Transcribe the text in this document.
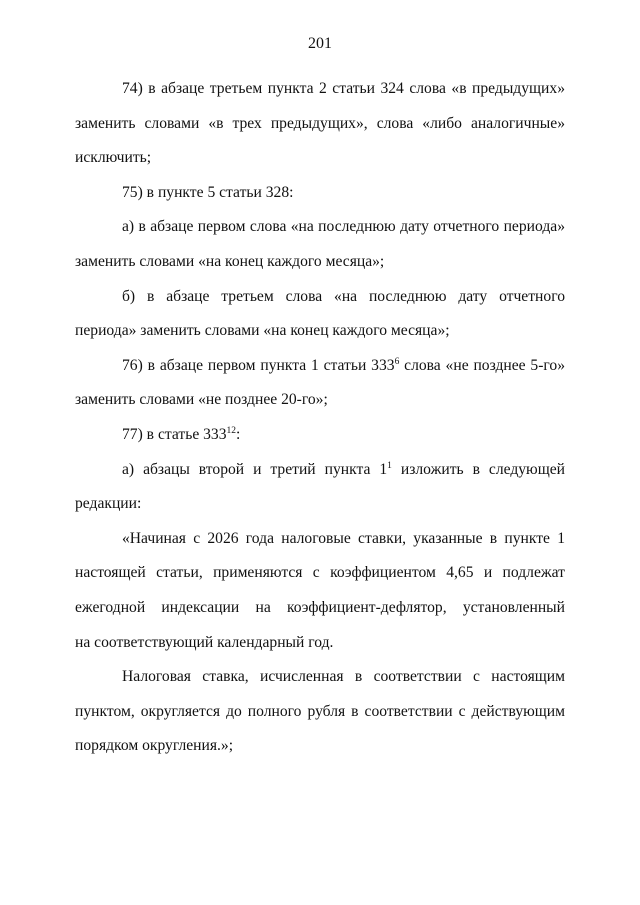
201

74) в абзаце третьем пункта 2 статьи 324 слова «в предыдущих» заменить словами «в трех предыдущих», слова «либо аналогичные» исключить;

75) в пункте 5 статьи 328:

а) в абзаце первом слова «на последнюю дату отчетного периода» заменить словами «на конец каждого месяца»;

б) в абзаце третьем слова «на последнюю дату отчетного периода» заменить словами «на конец каждого месяца»;

76) в абзаце первом пункта 1 статьи $333^6$ слова «не позднее 5-го» заменить словами «не позднее 20-го»;

77) в статье $333^{12}$:

а) абзацы второй и третий пункта $1^1$ изложить в следующей редакции:

«Начиная с 2026 года налоговые ставки, указанные в пункте 1 настоящей статьи, применяются с коэффициентом 4,65 и подлежат ежегодной индексации на коэффициент-дефлятор, установленный

на соответствующий календарный год.

Налоговая ставка, исчисленная в соответствии с настоящим пунктом, округляется до полного рубля в соответствии с действующим порядком округления.»;
